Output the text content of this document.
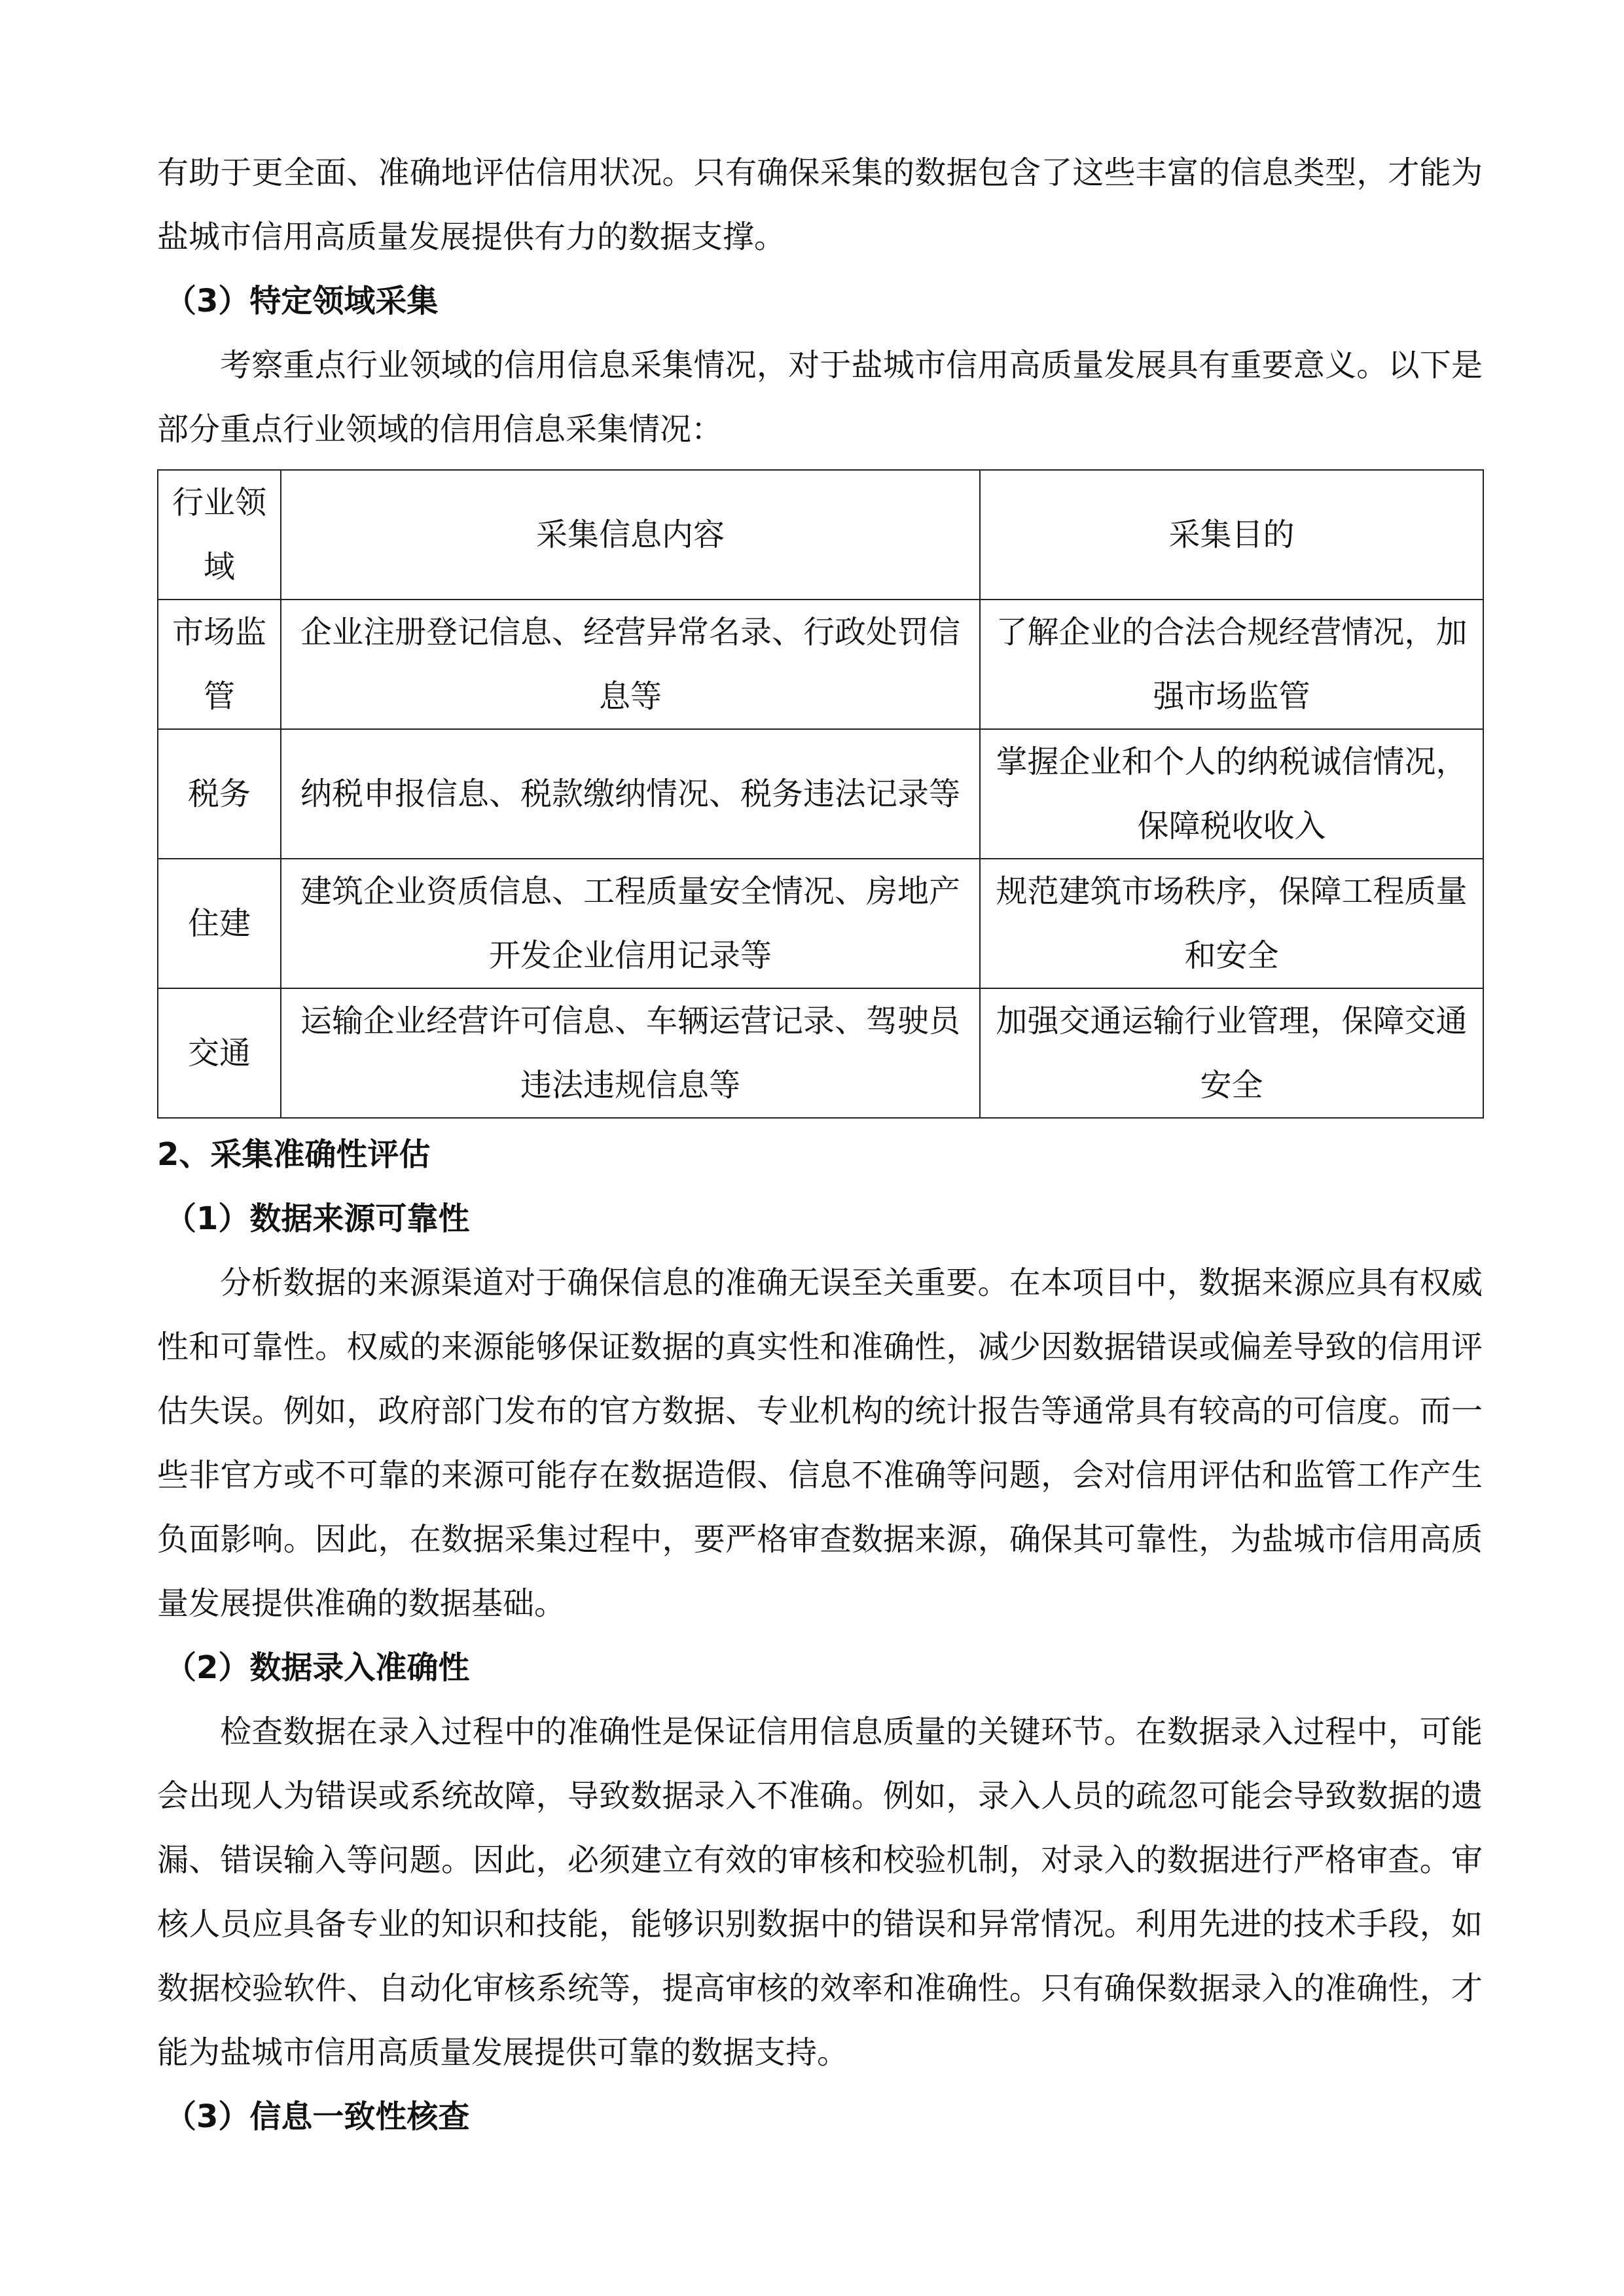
有助于更全面、准确地评估信用状况。只有确保采集的数据包含了这些丰富的信息类型，才能为盐城市信用高质量发展提供有力的数据支撑。

（3）特定领域采集

考察重点行业领域的信用信息采集情况，对于盐城市信用高质量发展具有重要意义。以下是部分重点行业领域的信用信息采集情况：

行业领域	采集信息内容	采集目的
市场监管	企业注册登记信息、经营异常名录、行政处罚信息等	了解企业的合法合规经营情况，加强市场监管
税务	纳税申报信息、税款缴纳情况、税务违法记录等	掌握企业和个人的纳税诚信情况，保障税收收入
住建	建筑企业资质信息、工程质量安全情况、房地产开发企业信用记录等	规范建筑市场秩序，保障工程质量和安全
交通	运输企业经营许可信息、车辆运营记录、驾驶员违法违规信息等	加强交通运输行业管理，保障交通安全

2、采集准确性评估

（1）数据来源可靠性

分析数据的来源渠道对于确保信息的准确无误至关重要。在本项目中，数据来源应具有权威性和可靠性。权威的来源能够保证数据的真实性和准确性，减少因数据错误或偏差导致的信用评估失误。例如，政府部门发布的官方数据、专业机构的统计报告等通常具有较高的可信度。而一些非官方或不可靠的来源可能存在数据造假、信息不准确等问题，会对信用评估和监管工作产生负面影响。因此，在数据采集过程中，要严格审查数据来源，确保其可靠性，为盐城市信用高质量发展提供准确的数据基础。

（2）数据录入准确性

检查数据在录入过程中的准确性是保证信用信息质量的关键环节。在数据录入过程中，可能会出现人为错误或系统故障，导致数据录入不准确。例如，录入人员的疏忽可能会导致数据的遗漏、错误输入等问题。因此，必须建立有效的审核和校验机制，对录入的数据进行严格审查。审核人员应具备专业的知识和技能，能够识别数据中的错误和异常情况。利用先进的技术手段，如数据校验软件、自动化审核系统等，提高审核的效率和准确性。只有确保数据录入的准确性，才能为盐城市信用高质量发展提供可靠的数据支持。

（3）信息一致性核查
